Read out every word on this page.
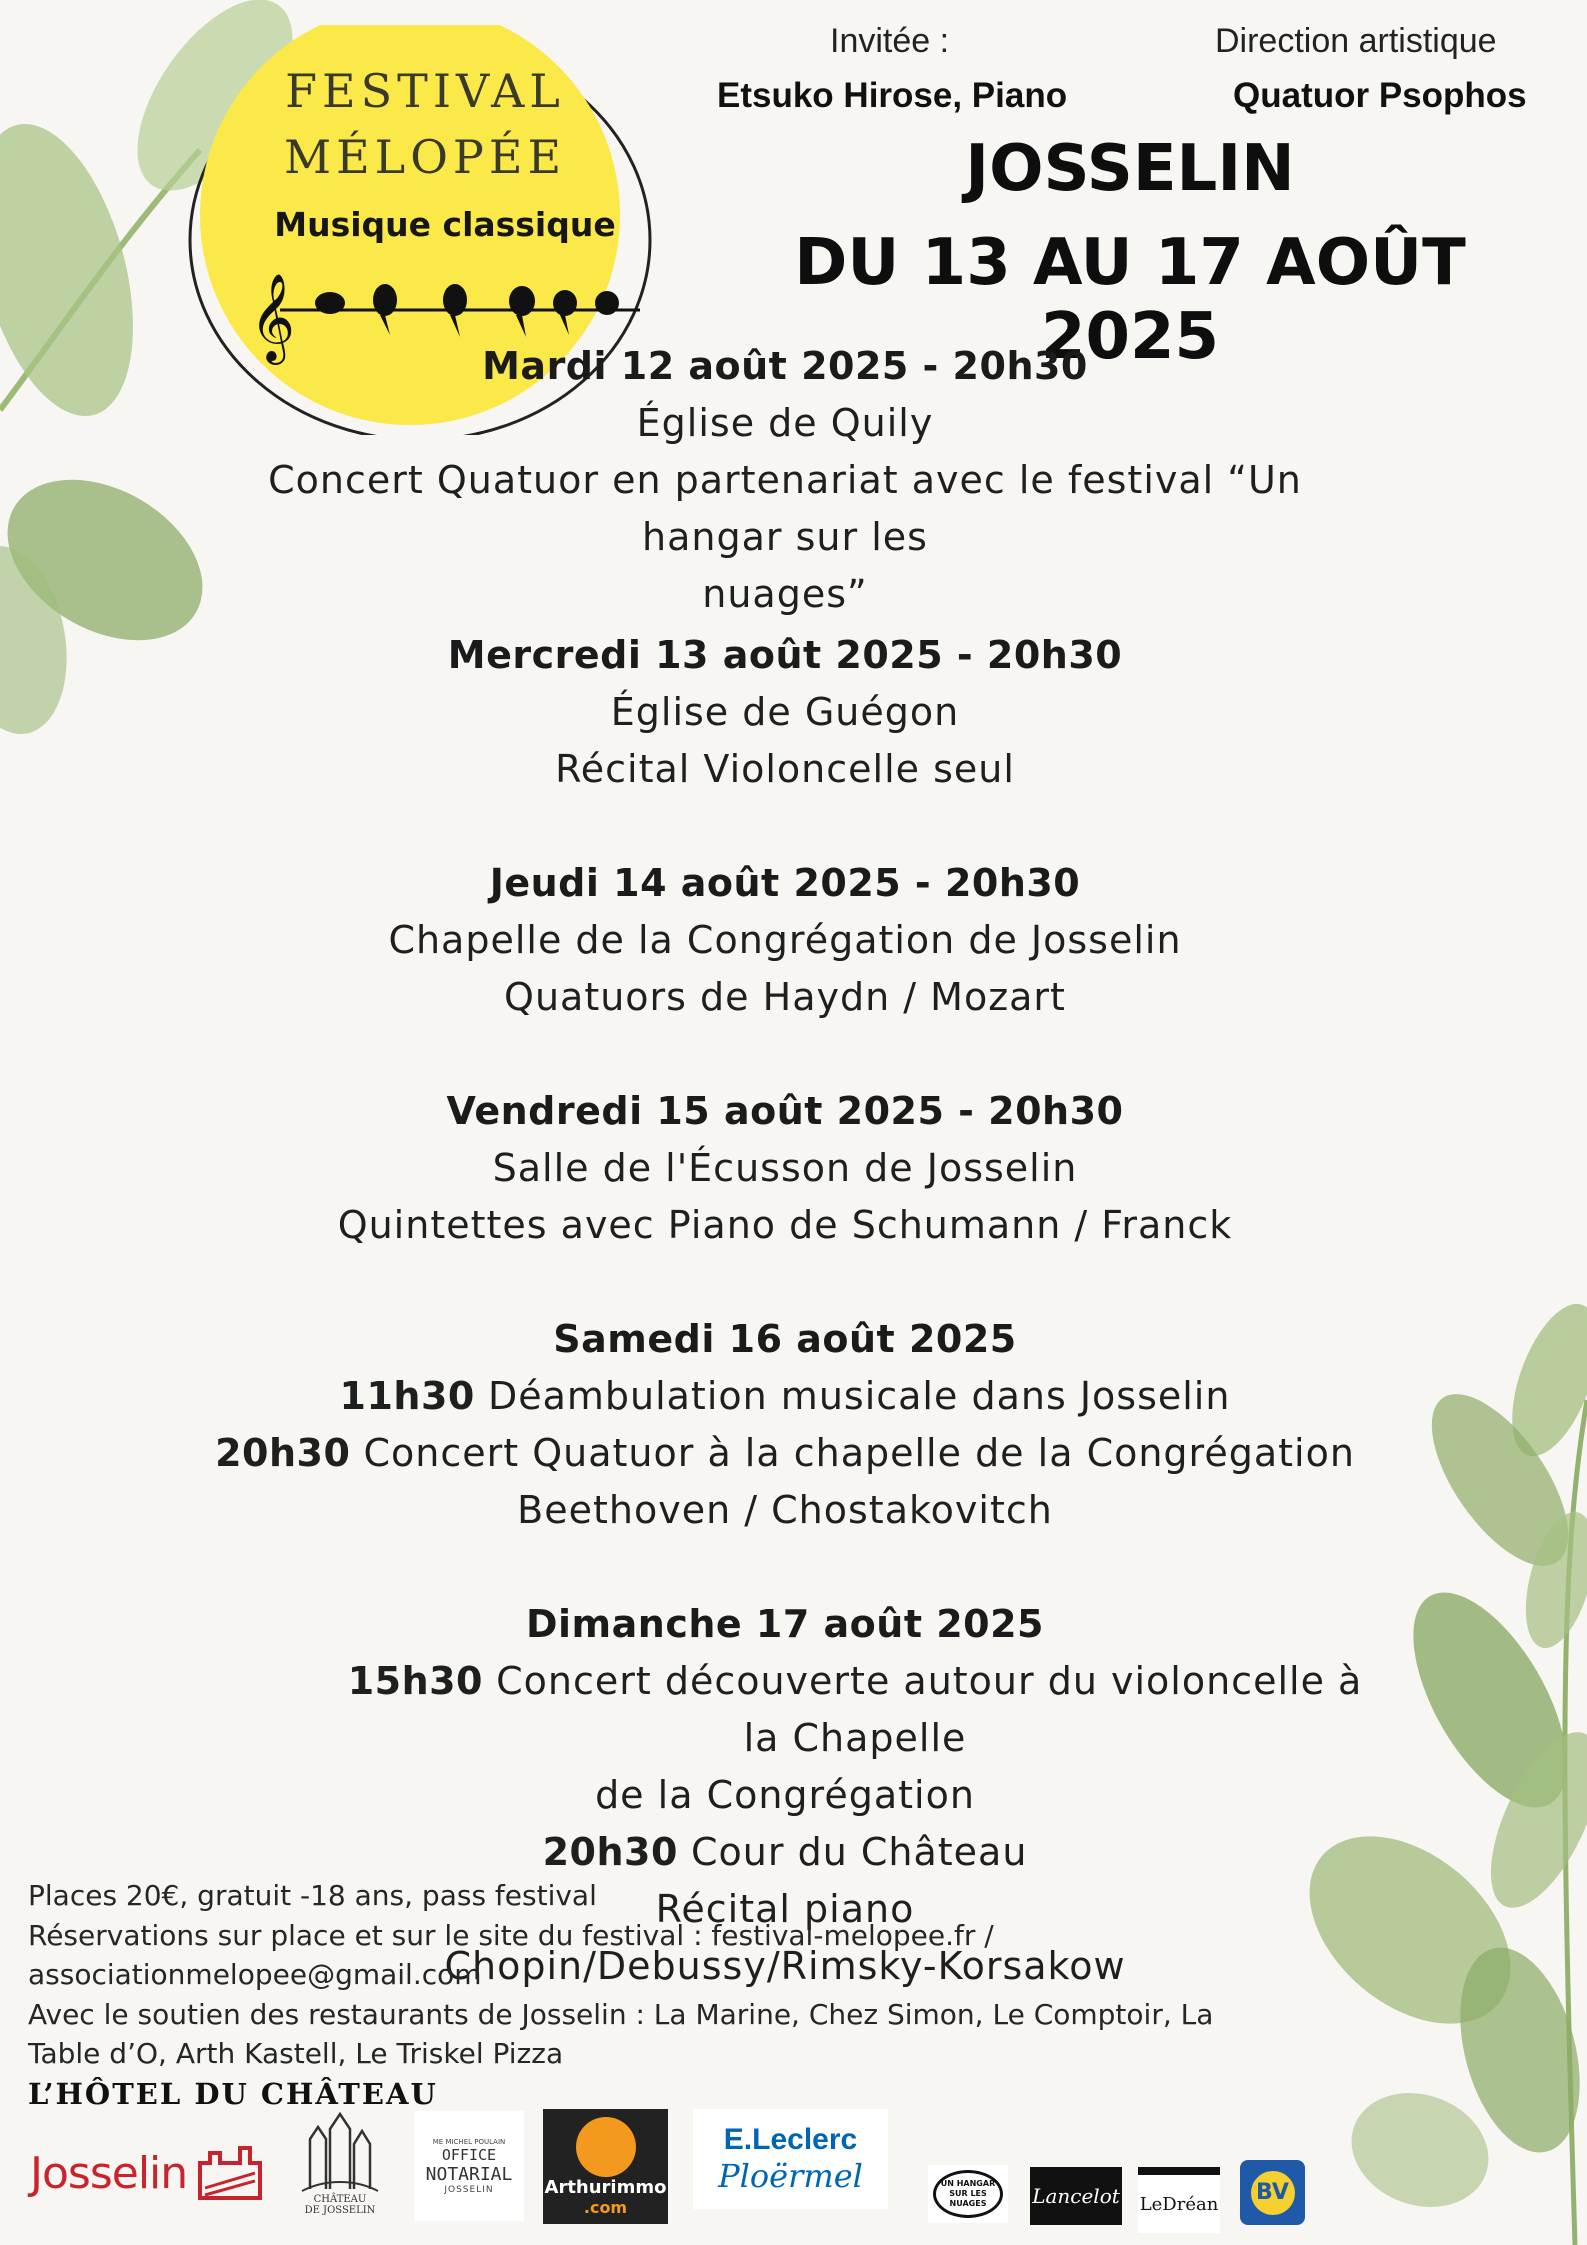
FESTIVAL
MÉLOPÉE
Musique classique
𝄞
Invitée :
Etsuko Hirose, Piano
Direction artistique
Quatuor Psophos
JOSSELIN
DU 13 AU 17 AOÛT 2025
Mardi 12 août 2025 - 20h30
Église de Quily
Concert Quatuor en partenariat avec le festival “Un hangar sur les
nuages”
Mercredi 13 août 2025 - 20h30
Église de Guégon
Récital Violoncelle seul
Jeudi 14 août 2025 - 20h30
Chapelle de la Congrégation de Josselin
Quatuors de Haydn / Mozart
Vendredi 15 août 2025 - 20h30
Salle de l'Écusson de Josselin
Quintettes avec Piano de Schumann / Franck
Samedi 16 août 2025
11h30 Déambulation musicale dans Josselin
20h30 Concert Quatuor à la chapelle de la Congrégation
Beethoven / Chostakovitch
Dimanche 17 août 2025
15h30 Concert découverte autour du violoncelle à la Chapelle
de la Congrégation
20h30 Cour du Château
Récital piano
Chopin/Debussy/Rimsky-Korsakow

Places 20€, gratuit -18 ans, pass festival

Réservations sur place et sur le site du festival : festival-melopee.fr /

associationmelopee@gmail.com

Avec le soutien des restaurants de Josselin : La Marine, Chez Simon, Le Comptoir, La

Table d’O, Arth Kastell, Le Triskel Pizza

L’HÔTEL DU CHÂTEAU
Josselin
CHÂTEAU
DE JOSSELIN
ME MICHEL POULAIN
OFFICE
NOTARIAL
JOSSELIN	Arthurimmo
.com
E.Leclerc
Ploërmel	UN HANGAR SUR LES NUAGES	Lancelot LeDréan BV
